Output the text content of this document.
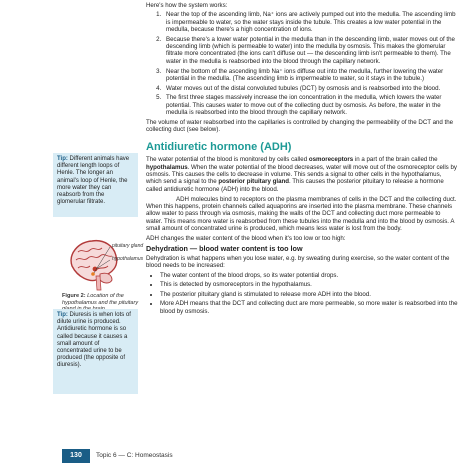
Here's how the system works:

1. Near the top of the ascending limb, Na⁺ ions are actively pumped out into the medulla. The ascending limb is impermeable to water, so the water stays inside the tubule. This creates a low water potential in the medulla, because there's a high concentration of ions.
2. Because there's a lower water potential in the medulla than in the descending limb, water moves out of the descending limb (which is permeable to water) into the medulla by osmosis. This makes the glomerular filtrate more concentrated (the ions can't diffuse out — the descending limb isn't permeable to them). The water in the medulla is reabsorbed into the blood through the capillary network.
3. Near the bottom of the ascending limb Na⁺ ions diffuse out into the medulla, further lowering the water potential in the medulla. (The ascending limb is impermeable to water, so it stays in the tubule.)
4. Water moves out of the distal convoluted tubules (DCT) by osmosis and is reabsorbed into the blood.
5. The first three stages massively increase the ion concentration in the medulla, which lowers the water potential. This causes water to move out of the collecting duct by osmosis. As before, the water in the medulla is reabsorbed into the blood through the capillary network.

The volume of water reabsorbed into the capillaries is controlled by changing the permeability of the DCT and the collecting duct (see below).

Antidiuretic hormone (ADH)

The water potential of the blood is monitored by cells called osmoreceptors in a part of the brain called the hypothalamus. When the water potential of the blood decreases, water will move out of the osmoreceptor cells by osmosis. This causes the cells to decrease in volume. This sends a signal to other cells in the hypothalamus, which send a signal to the posterior pituitary gland. This causes the posterior pituitary to release a hormone called antidiuretic hormone (ADH) into the blood.

ADH molecules bind to receptors on the plasma membranes of cells in the DCT and the collecting duct. When this happens, protein channels called aquaporins are inserted into the plasma membrane. These channels allow water to pass through via osmosis, making the walls of the DCT and collecting duct more permeable to water. This means more water is reabsorbed from these tubules into the medulla and into the blood by osmosis. A small amount of concentrated urine is produced, which means less water is lost from the body.

ADH changes the water content of the blood when it's too low or too high:

Dehydration — blood water content is too low

Dehydration is what happens when you lose water, e.g. by sweating during exercise, so the water content of the blood needs to be increased:

• The water content of the blood drops, so its water potential drops.
• This is detected by osmoreceptors in the hypothalamus.
• The posterior pituitary gland is stimulated to release more ADH into the blood.
• More ADH means that the DCT and collecting duct are more permeable, so more water is reabsorbed into the blood by osmosis.
Tip: Different animals have different length loops of Henle. The longer an animal's loop of Henle, the more water they can reabsorb from the glomerular filtrate.
pituitary gland
hypothalamus
Figure 2: Location of the hypothalamus and the pituitary
Tip: Diuresis is when lots of dilute urine is produced. Antidiuretic hormone is so called because it causes a small amount of concentrated urine to be produced (the opposite of diuresis).
130	Topic 6 — C: Homeostasis
